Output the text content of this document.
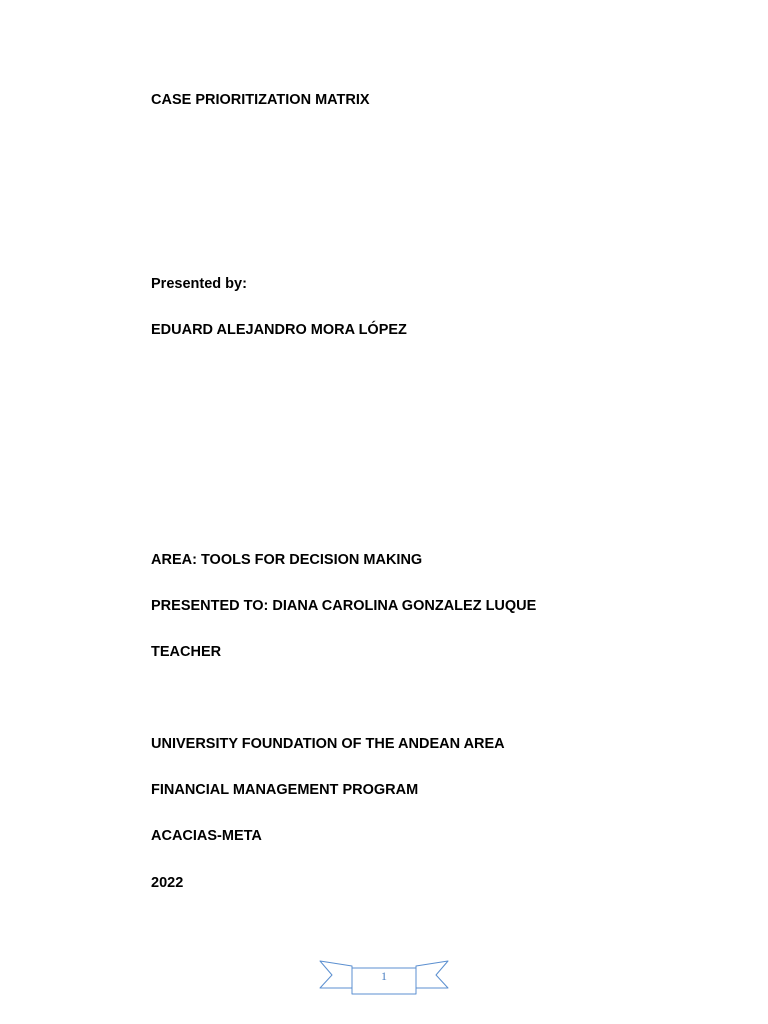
CASE PRIORITIZATION MATRIX
Presented by:
EDUARD ALEJANDRO MORA LÓPEZ
AREA: TOOLS FOR DECISION MAKING
PRESENTED TO: DIANA CAROLINA GONZALEZ LUQUE
TEACHER
UNIVERSITY FOUNDATION OF THE ANDEAN AREA
FINANCIAL MANAGEMENT PROGRAM
ACACIAS-META
2022
1
